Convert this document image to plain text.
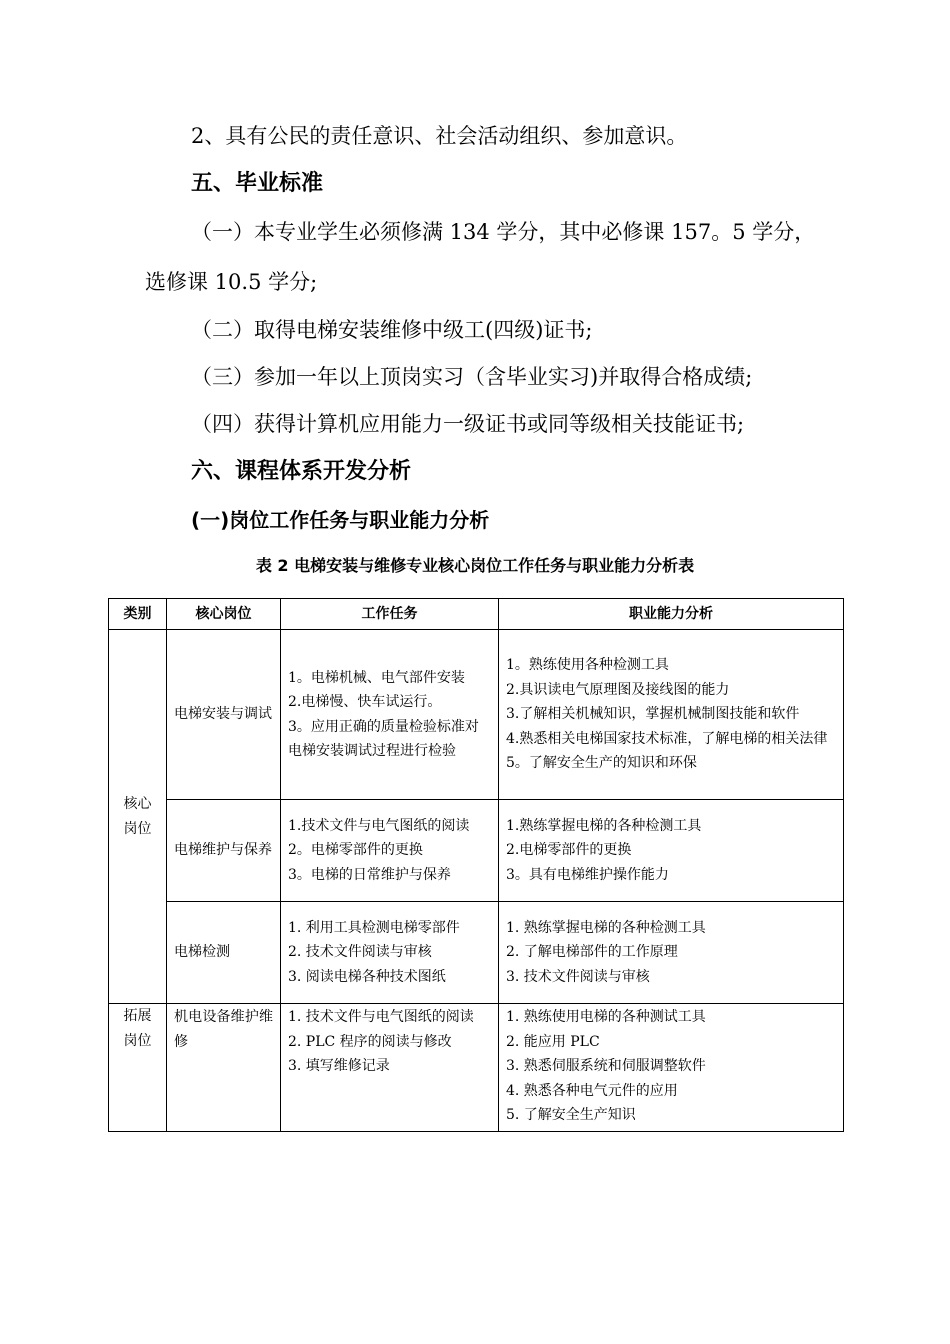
2、具有公民的责任意识、社会活动组织、参加意识。
五、毕业标准
（一）本专业学生必须修满 134 学分，其中必修课 157。5 学分，
选修课 10.5 学分;
（二）取得电梯安装维修中级工(四级)证书;
（三）参加一年以上顶岗实习（含毕业实习)并取得合格成绩;
（四）获得计算机应用能力一级证书或同等级相关技能证书;
六、课程体系开发分析
(一)岗位工作任务与职业能力分析
表 2 电梯安装与维修专业核心岗位工作任务与职业能力分析表
类别	核心岗位	工作任务	职业能力分析

核心
岗位	电梯安装与调试	1。电梯机械、电气部件安装
2.电梯慢、快车试运行。
3。应用正确的质量检验标准对电梯安装调试过程进行检验	1。熟练使用各种检测工具
2.具识读电气原理图及接线图的能力
3.了解相关机械知识，掌握机械制图技能和软件
4.熟悉相关电梯国家技术标准，了解电梯的相关法律
5。了解安全生产的知识和环保

	电梯维护与保养	1.技术文件与电气图纸的阅读
2。电梯零部件的更换
3。电梯的日常维护与保养	1.熟练掌握电梯的各种检测工具
2.电梯零部件的更换
3。具有电梯维护操作能力

	电梯检测	1. 利用工具检测电梯零部件
2. 技术文件阅读与审核
3. 阅读电梯各种技术图纸	1. 熟练掌握电梯的各种检测工具
2. 了解电梯部件的工作原理
3. 技术文件阅读与审核

拓展
岗位	机电设备维护维修	1. 技术文件与电气图纸的阅读
2. PLC 程序的阅读与修改
3. 填写维修记录	1. 熟练使用电梯的各种测试工具
2. 能应用 PLC
3. 熟悉伺服系统和伺服调整软件
4. 熟悉各种电气元件的应用
5. 了解安全生产知识
